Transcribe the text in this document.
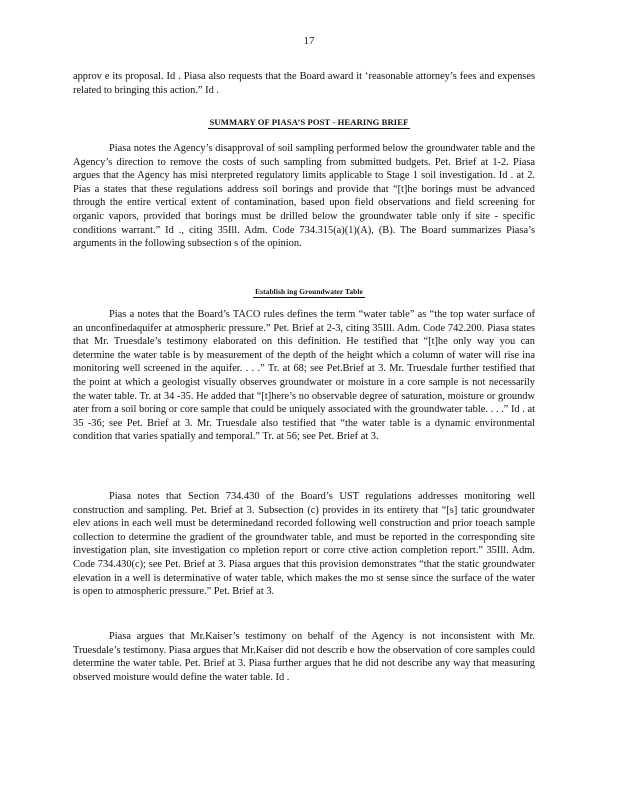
17

approv e its proposal. Id . Piasa also requests that the Board award it ‘reasonable attorney’s fees and expenses related to bringing this action.” Id .

SUMMARY OF PIASA’S POST - HEARING BRIEF

Piasa notes the Agency’s disapproval of soil sampling performed below the groundwater table and the Agency’s direction to remove the costs of such sampling from submitted budgets. Pet. Brief at 1-2. Piasa argues that the Agency has misi nterpreted regulatory limits applicable to Stage 1 soil investigation. Id . at 2. Pias a states that these regulations address soil borings and provide that “[t]he borings must be advanced through the entire vertical extent of contamination, based upon field observations and field screening for organic vapors, provided that borings must be drilled below the groundwater table only if site - specific conditions warrant.” Id ., citing 35Ill. Adm. Code 734.315(a)(1)(A), (B). The Board summarizes Piasa’s arguments in the following subsection s of the opinion.

Establish ing Groundwater Table

Pias a notes that the Board’s TACO rules defines the term “water table” as “the top water surface of an unconfinedaquifer at atmospheric pressure.” Pet. Brief at 2-3, citing 35Ill. Adm. Code 742.200. Piasa states that Mr. Truesdale’s testimony elaborated on this definition. He testified that “[t]he only way you can determine the water table is by measurement of the depth of the height which a column of water will rise ina monitoring well screened in the aquifer. . . .” Tr. at 68; see Pet.Brief at 3. Mr. Truesdale further testified that the point at which a geologist visually observes groundwater or moisture in a core sample is not necessarily the water table. Tr. at 34 -35. He added that “[t]here’s no observable degree of saturation, moisture or groundw ater from a soil boring or core sample that could be uniquely associated with the groundwater table. . . .” Id . at 35 -36; see Pet. Brief at 3. Mr. Truesdale also testified that “the water table is a dynamic environmental condition that varies spatially and temporal.” Tr. at 56; see Pet. Brief at 3.

Piasa notes that Section 734.430 of the Board’s UST regulations addresses monitoring well construction and sampling. Pet. Brief at 3. Subsection (c) provides in its entirety that “[s] tatic groundwater elev ations in each well must be determinedand recorded following well construction and prior toeach sample collection to determine the gradient of the groundwater table, and must be reported in the corresponding site investigation plan, site investigation co mpletion report or corre ctive action completion report.” 35Ill. Adm. Code 734.430(c); see Pet. Brief at 3. Piasa argues that this provision demonstrates “that the static groundwater elevation in a well is determinative of water table, which makes the mo st sense since the surface of the water is open to atmospheric pressure.” Pet. Brief at 3.

Piasa argues that Mr.Kaiser’s testimony on behalf of the Agency is not inconsistent with Mr. Truesdale’s testimony. Piasa argues that Mr.Kaiser did not describ e how the observation of core samples could determine the water table. Pet. Brief at 3. Piasa further argues that he did not describe any way that measuring observed moisture would define the water table. Id .
